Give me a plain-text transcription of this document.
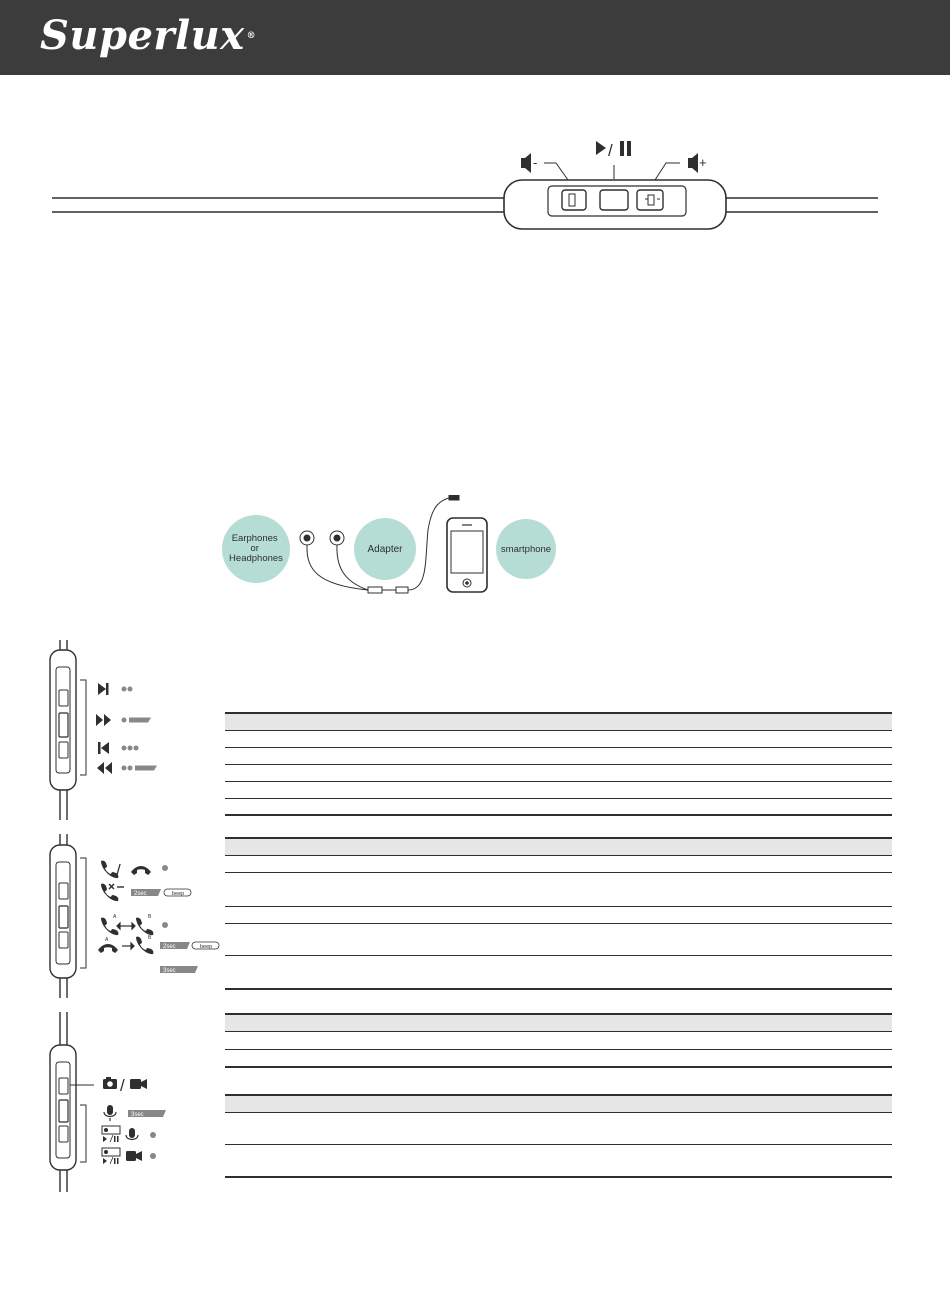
Superlux ®
-
/
+
Earphones or Headphones
Adapter	smartphone
/
2sec	beep
A	B
A	B
2sec	beep
3sec
/
3sec
